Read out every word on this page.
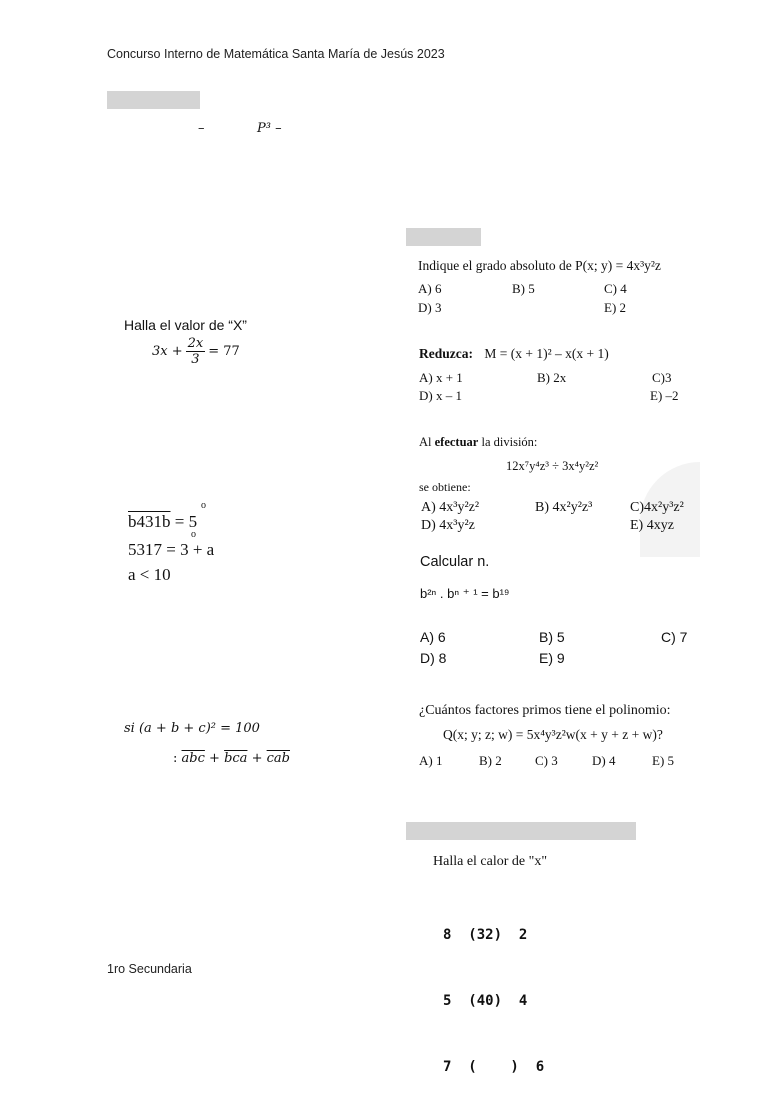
Concurso Interno de Matemática Santa María de Jesús 2023
1ro Secundaria
–	P³ –
Halla el valor de “X”
$3x + \frac{2x}{3} = 77$
b431b = 5
o
o
5317 = 3 + a
a < 10
si (a + b + c)² = 100
: $\overline{abc} + \overline{bca} + \overline{cab}$
Indique el grado absoluto de P(x; y) = 4x³y²z
A) 6	B) 5	C) 4
D) 3	E) 2
Reduzca: M = (x + 1)² – x(x + 1)
A) x + 1	B) 2x	C)3
D) x – 1	E) –2
Al efectuar la división:
12x⁷y⁴z³ ÷ 3x⁴y²z²
se obtiene:
A) 4x³y²z²	B) 4x²y²z³	C)4x²y³z²
D) 4x³y²z	E) 4xyz
Calcular n.
b²ⁿ . bⁿ ⁺ ¹ = b¹⁹
A) 6	B) 5	C) 7
D) 8	E) 9
¿Cuántos factores primos tiene el polinomio:
Q(x; y; z; w) = 5x⁴y³z²w(x + y + z + w)?
A) 1	B) 2	C) 3	D) 4	E) 5
Halla el calor de "x"

8  (32)  2

5  (40)  4

7  (    )  6
